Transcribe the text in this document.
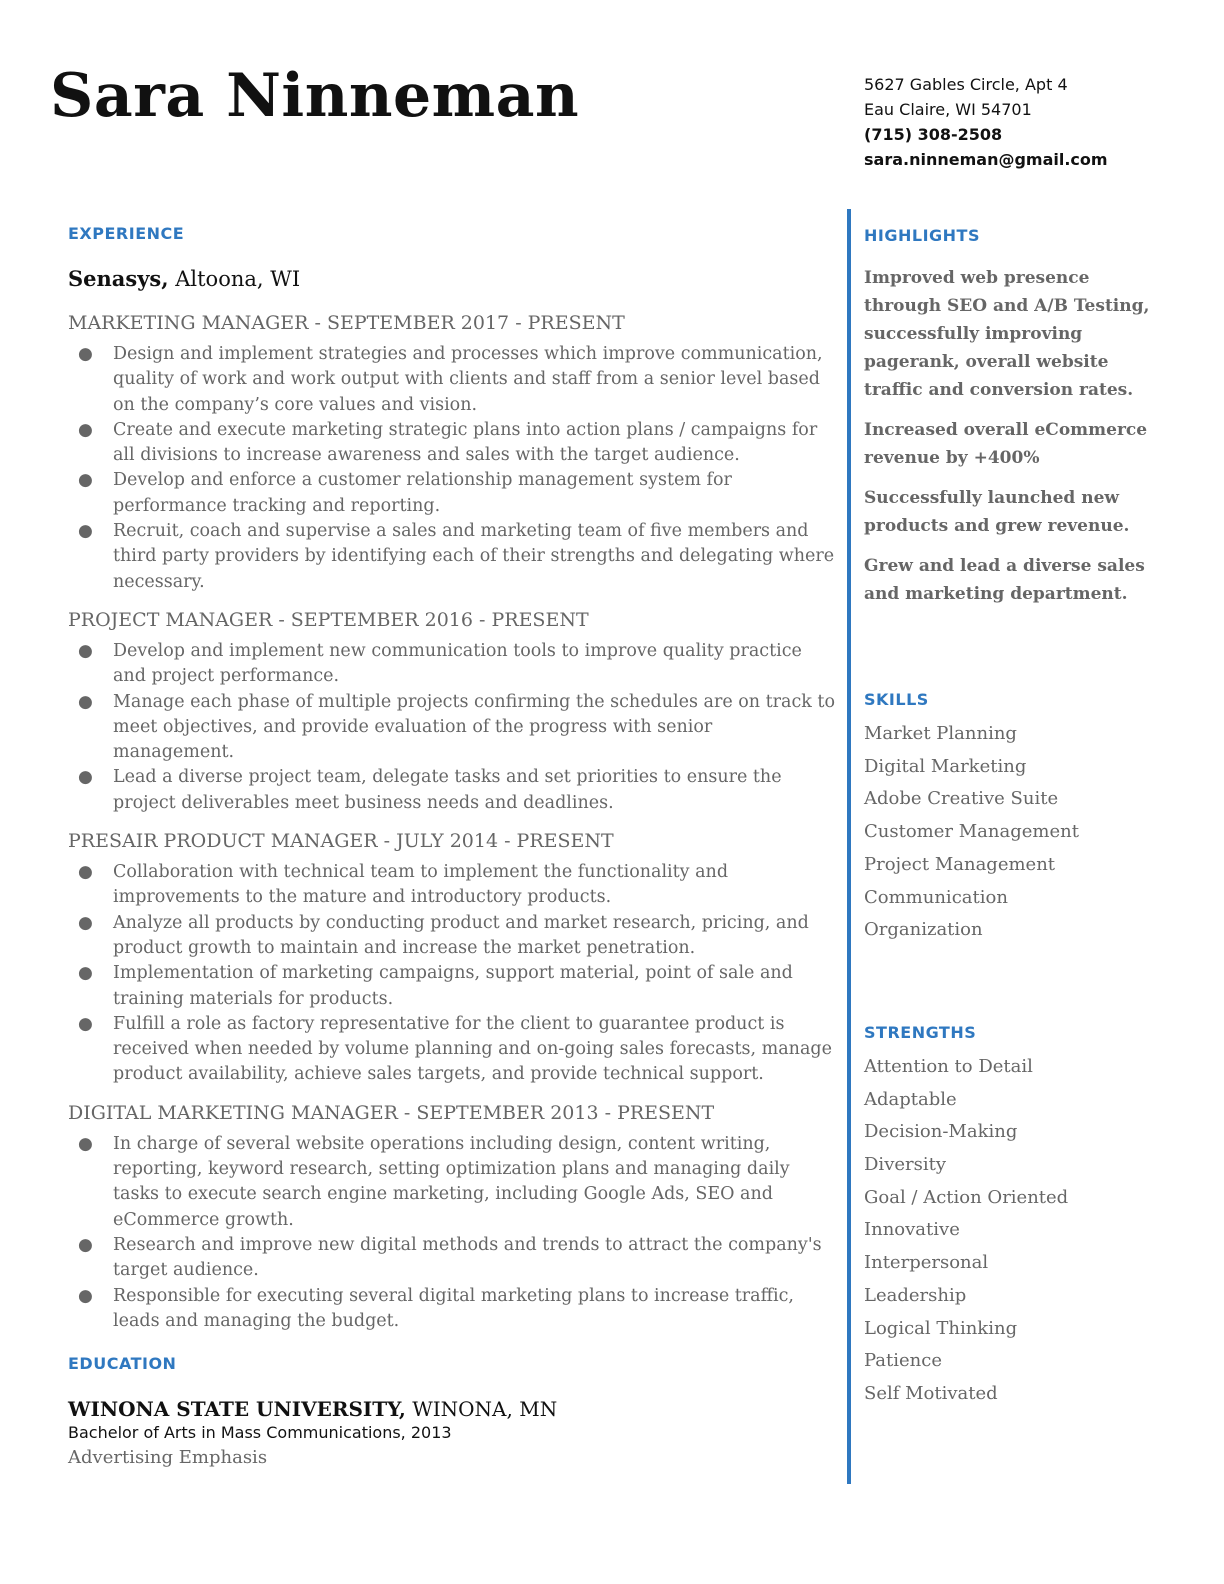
Sara Ninneman	5627 Gables Circle, Apt 4
Eau Claire, WI 54701
(715) 308-2508
sara.ninneman@gmail.com
EXPERIENCE
Senasys, Altoona, WI
MARKETING MANAGER - SEPTEMBER 2017 - PRESENT
● Design and implement strategies and processes which improve communication, quality of work and work output with clients and staff from a senior level based on the company’s core values and vision.
● Create and execute marketing strategic plans into action plans / campaigns for all divisions to increase awareness and sales with the target audience.
● Develop and enforce a customer relationship management system for performance tracking and reporting.
● Recruit, coach and supervise a sales and marketing team of five members and third party providers by identifying each of their strengths and delegating where necessary.
PROJECT MANAGER - SEPTEMBER 2016 - PRESENT
● Develop and implement new communication tools to improve quality practice and project performance.
● Manage each phase of multiple projects confirming the schedules are on track to meet objectives, and provide evaluation of the progress with senior management.
● Lead a diverse project team, delegate tasks and set priorities to ensure the project deliverables meet business needs and deadlines.
PRESAIR PRODUCT MANAGER - JULY 2014 - PRESENT
● Collaboration with technical team to implement the functionality and improvements to the mature and introductory products.
● Analyze all products by conducting product and market research, pricing, and product growth to maintain and increase the market penetration.
● Implementation of marketing campaigns, support material, point of sale and training materials for products.
● Fulfill a role as factory representative for the client to guarantee product is received when needed by volume planning and on-going sales forecasts, manage product availability, achieve sales targets, and provide technical support.
DIGITAL MARKETING MANAGER - SEPTEMBER 2013 - PRESENT
● In charge of several website operations including design, content writing, reporting, keyword research, setting optimization plans and managing daily tasks to execute search engine marketing, including Google Ads, SEO and eCommerce growth.
● Research and improve new digital methods and trends to attract the company's target audience.
● Responsible for executing several digital marketing plans to increase traffic, leads and managing the budget.
EDUCATION
WINONA STATE UNIVERSITY, WINONA, MN
Bachelor of Arts in Mass Communications, 2013
Advertising Emphasis
HIGHLIGHTS
Improved web presence through SEO and A/B Testing, successfully improving pagerank, overall website traffic and conversion rates.
Increased overall eCommerce revenue by +400%
Successfully launched new products and grew revenue.
Grew and lead a diverse sales and marketing department.
SKILLS
Market Planning
Digital Marketing
Adobe Creative Suite
Customer Management
Project Management
Communication
Organization
STRENGTHS
Attention to Detail
Adaptable
Decision-Making
Diversity
Goal / Action Oriented
Innovative
Interpersonal
Leadership
Logical Thinking
Patience
Self Motivated
